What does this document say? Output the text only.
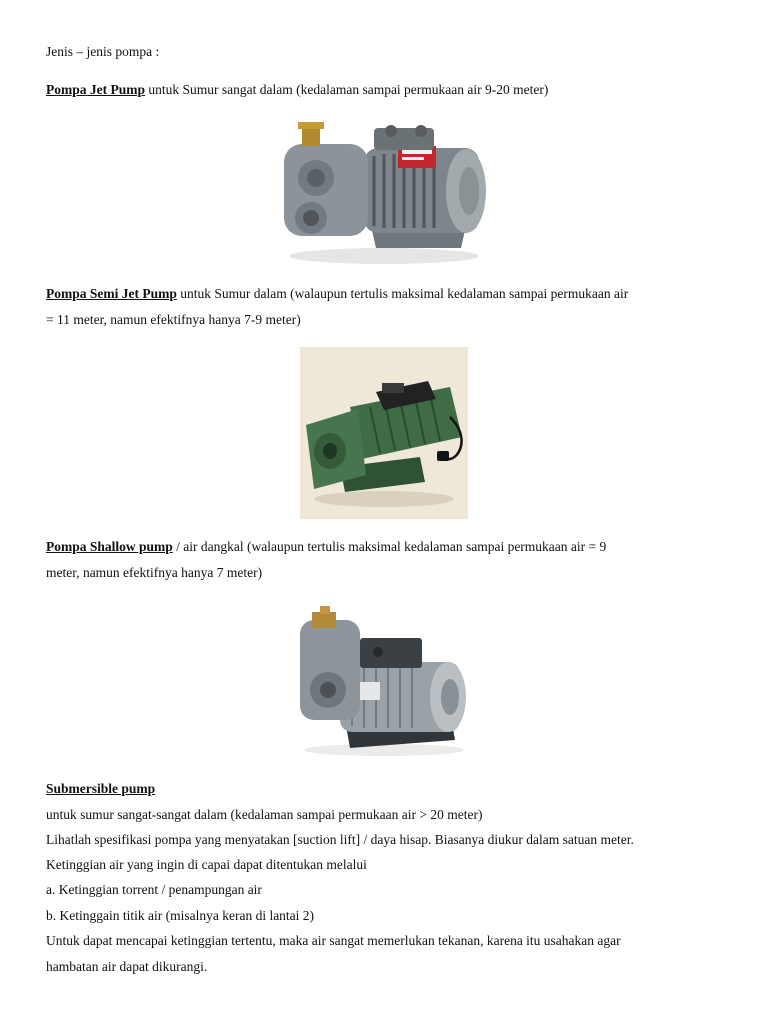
Jenis – jenis pompa :
Pompa Jet Pump untuk Sumur sangat dalam (kedalaman sampai permukaan air 9-20 meter)
Pompa Semi Jet Pump untuk Sumur dalam (walaupun tertulis maksimal kedalaman sampai permukaan air
= 11 meter, namun efektifnya hanya 7-9 meter)
Pompa Shallow pump / air dangkal (walaupun tertulis maksimal kedalaman sampai permukaan air = 9
meter, namun efektifnya hanya 7 meter)
Submersible pump
untuk sumur sangat-sangat dalam (kedalaman sampai permukaan air > 20 meter)
Lihatlah spesifikasi pompa yang menyatakan [suction lift] / daya hisap. Biasanya diukur dalam satuan meter.
Ketinggian air yang ingin di capai dapat ditentukan melalui
a. Ketinggian torrent / penampungan air
b. Ketinggain titik air (misalnya keran di lantai 2)
Untuk dapat mencapai ketinggian tertentu, maka air sangat memerlukan tekanan, karena itu usahakan agar
hambatan air dapat dikurangi.
